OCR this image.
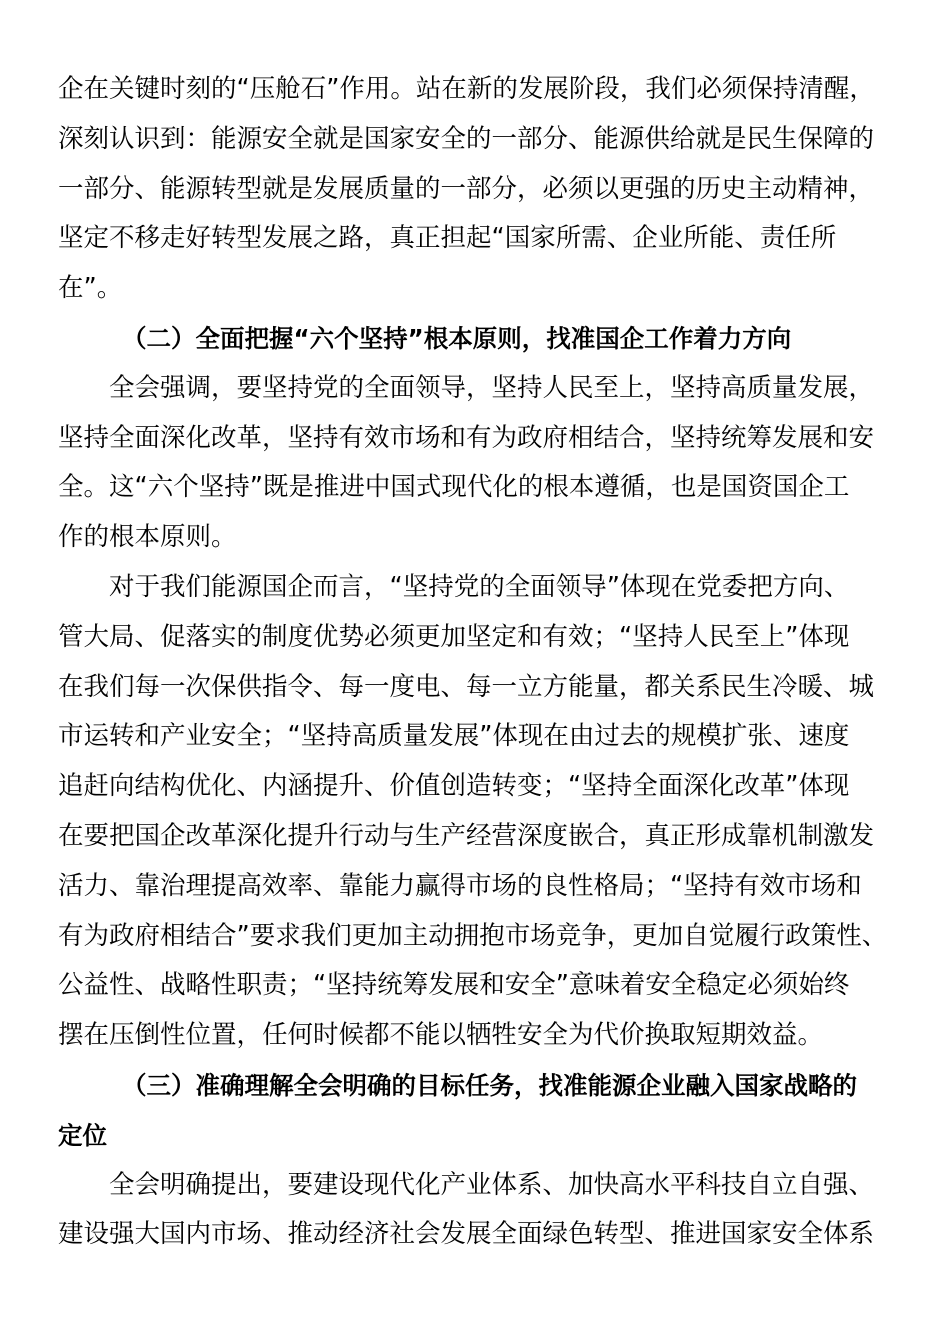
企在关键时刻的“压舱石”作用。站在新的发展阶段，我们必须保持清醒，
深刻认识到：能源安全就是国家安全的一部分、能源供给就是民生保障的
一部分、能源转型就是发展质量的一部分，必须以更强的历史主动精神，
坚定不移走好转型发展之路，真正担起“国家所需、企业所能、责任所
在”。
（二）全面把握“六个坚持”根本原则，找准国企工作着力方向
全会强调，要坚持党的全面领导，坚持人民至上，坚持高质量发展，
坚持全面深化改革，坚持有效市场和有为政府相结合，坚持统筹发展和安
全。这“六个坚持”既是推进中国式现代化的根本遵循，也是国资国企工
作的根本原则。
对于我们能源国企而言，“坚持党的全面领导”体现在党委把方向、
管大局、促落实的制度优势必须更加坚定和有效；“坚持人民至上”体现
在我们每一次保供指令、每一度电、每一立方能量，都关系民生冷暖、城
市运转和产业安全；“坚持高质量发展”体现在由过去的规模扩张、速度
追赶向结构优化、内涵提升、价值创造转变；“坚持全面深化改革”体现
在要把国企改革深化提升行动与生产经营深度嵌合，真正形成靠机制激发
活力、靠治理提高效率、靠能力赢得市场的良性格局；“坚持有效市场和
有为政府相结合”要求我们更加主动拥抱市场竞争，更加自觉履行政策性、
公益性、战略性职责；“坚持统筹发展和安全”意味着安全稳定必须始终
摆在压倒性位置，任何时候都不能以牺牲安全为代价换取短期效益。
（三）准确理解全会明确的目标任务，找准能源企业融入国家战略的
定位
全会明确提出，要建设现代化产业体系、加快高水平科技自立自强、
建设强大国内市场、推动经济社会发展全面绿色转型、推进国家安全体系
